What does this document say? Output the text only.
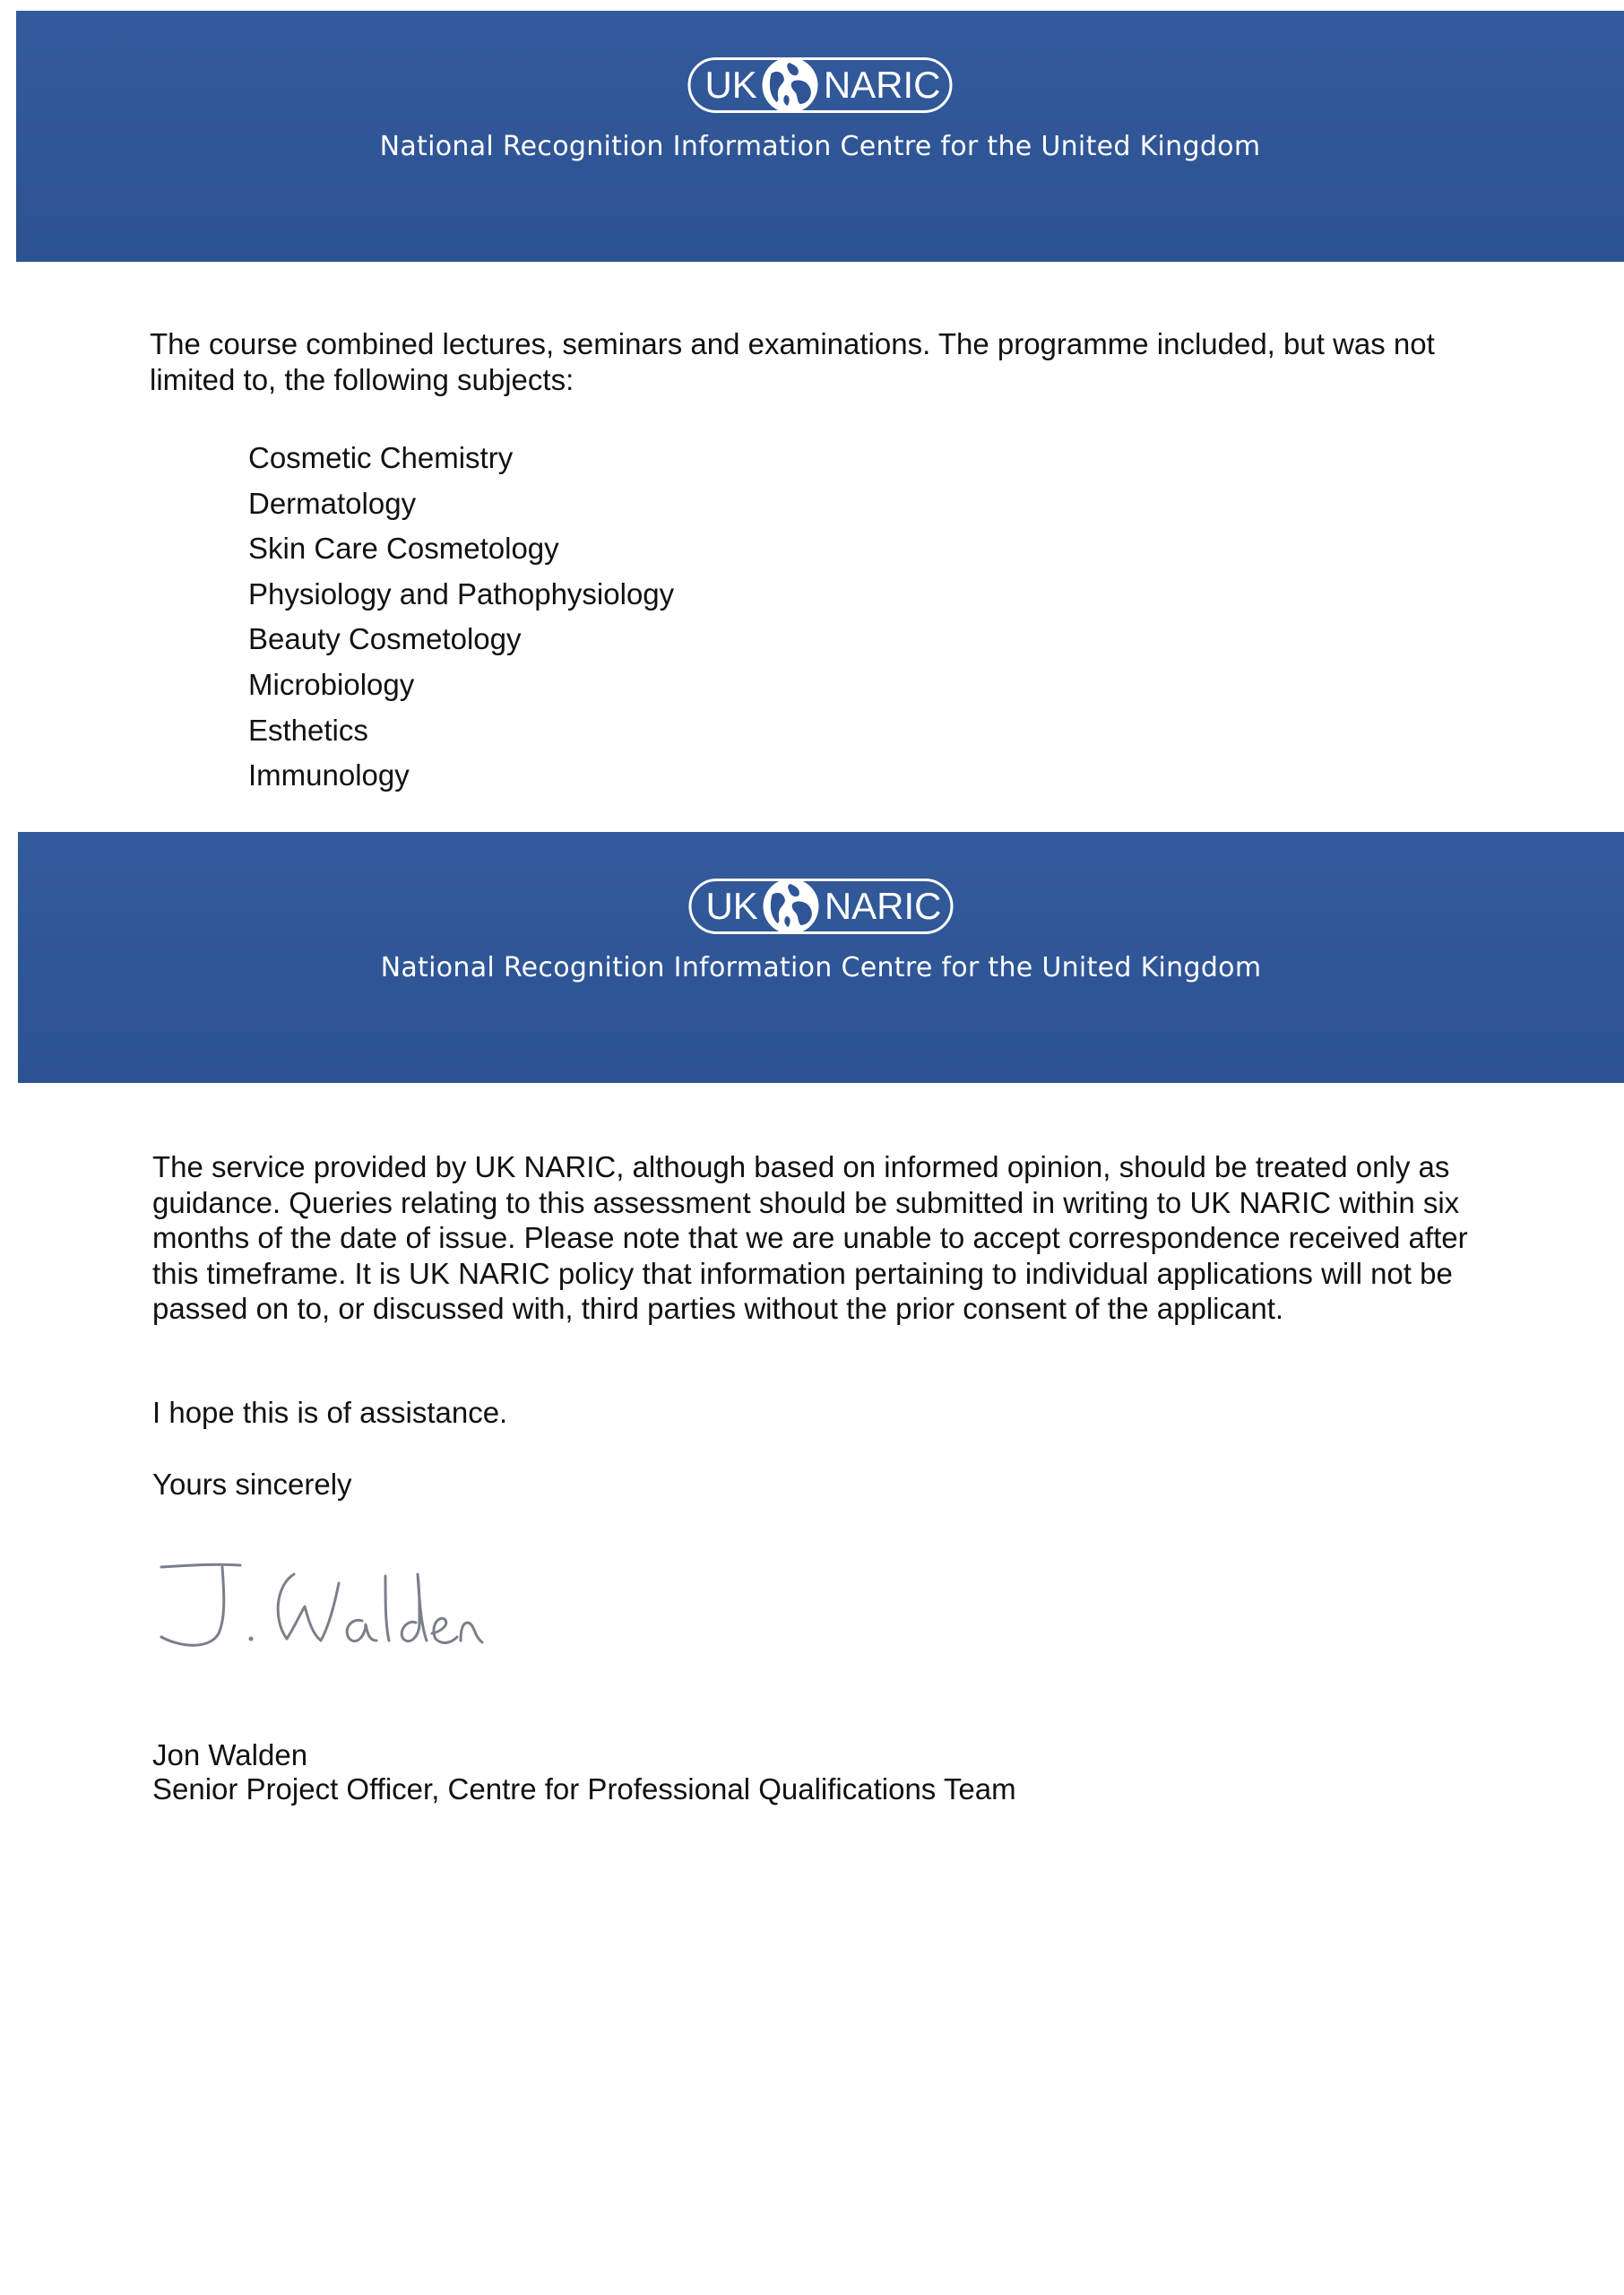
UK NARIC
National Recognition Information Centre for the United Kingdom
The course combined lectures, seminars and examinations. The programme included, but was not limited to, the following subjects:
Cosmetic Chemistry
Dermatology
Skin Care Cosmetology
Physiology and Pathophysiology
Beauty Cosmetology
Microbiology
Esthetics
Immunology
UK NARIC
National Recognition Information Centre for the United Kingdom
The service provided by UK NARIC, although based on informed opinion, should be treated only as guidance. Queries relating to this assessment should be submitted in writing to UK NARIC within six months of the date of issue. Please note that we are unable to accept correspondence received after this timeframe. It is UK NARIC policy that information pertaining to individual applications will not be passed on to, or discussed with, third parties without the prior consent of the applicant.
I hope this is of assistance.
Yours sincerely
Jon Walden
Senior Project Officer, Centre for Professional Qualifications Team
